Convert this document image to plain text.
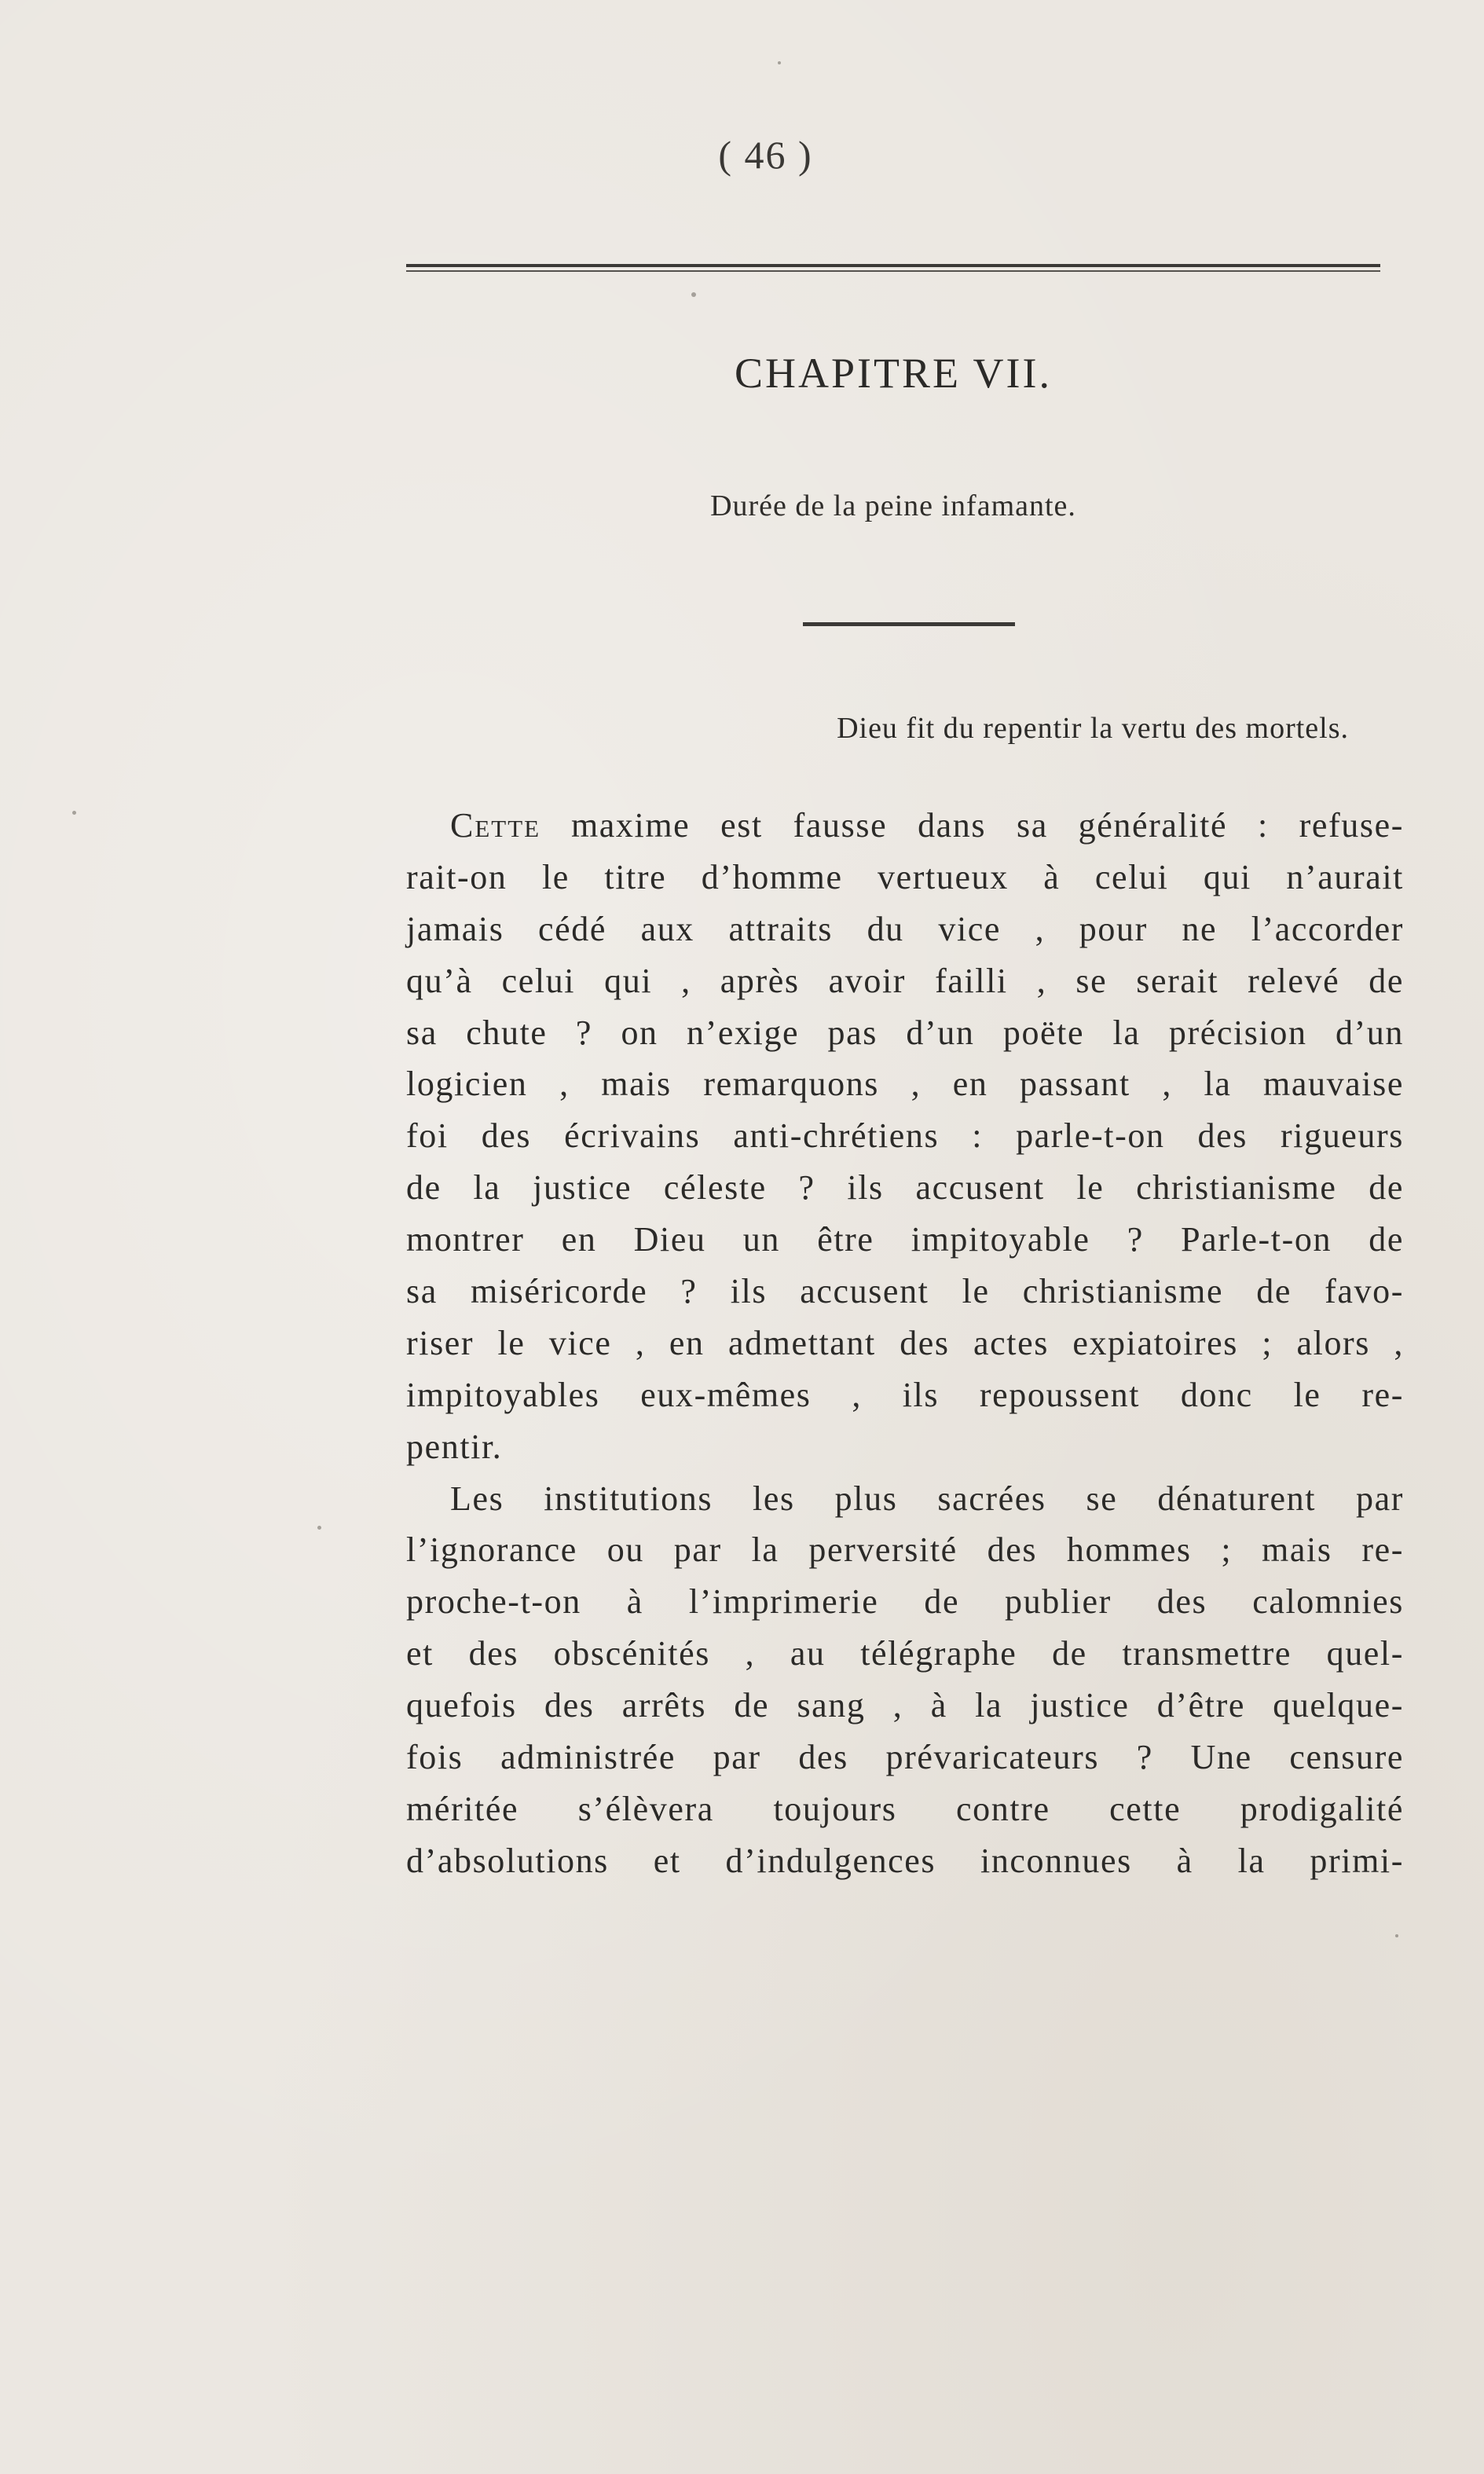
( 46 )
CHAPITRE VII.
Durée de la peine infamante.
Dieu fit du repentir la vertu des mortels.
Cette maxime est fausse dans sa généralité : refuse-
rait-on le titre d’homme vertueux à celui qui n’aurait
jamais cédé aux attraits du vice , pour ne l’accorder
qu’à celui qui , après avoir failli , se serait relevé de
sa chute ? on n’exige pas d’un poëte la précision d’un
logicien , mais remarquons , en passant , la mauvaise
foi des écrivains anti-chrétiens : parle-t-on des rigueurs
de la justice céleste ? ils accusent le christianisme de
montrer en Dieu un être impitoyable ? Parle-t-on de
sa miséricorde ? ils accusent le christianisme de favo-
riser le vice , en admettant des actes expiatoires ; alors ,
impitoyables eux-mêmes , ils repoussent donc le re-
pentir.
Les institutions les plus sacrées se dénaturent par
l’ignorance ou par la perversité des hommes ; mais re-
proche-t-on à l’imprimerie de publier des calomnies
et des obscénités , au télégraphe de transmettre quel-
quefois des arrêts de sang , à la justice d’être quelque-
fois administrée par des prévaricateurs ? Une censure
méritée s’élèvera toujours contre cette prodigalité
d’absolutions et d’indulgences inconnues à la primi-
